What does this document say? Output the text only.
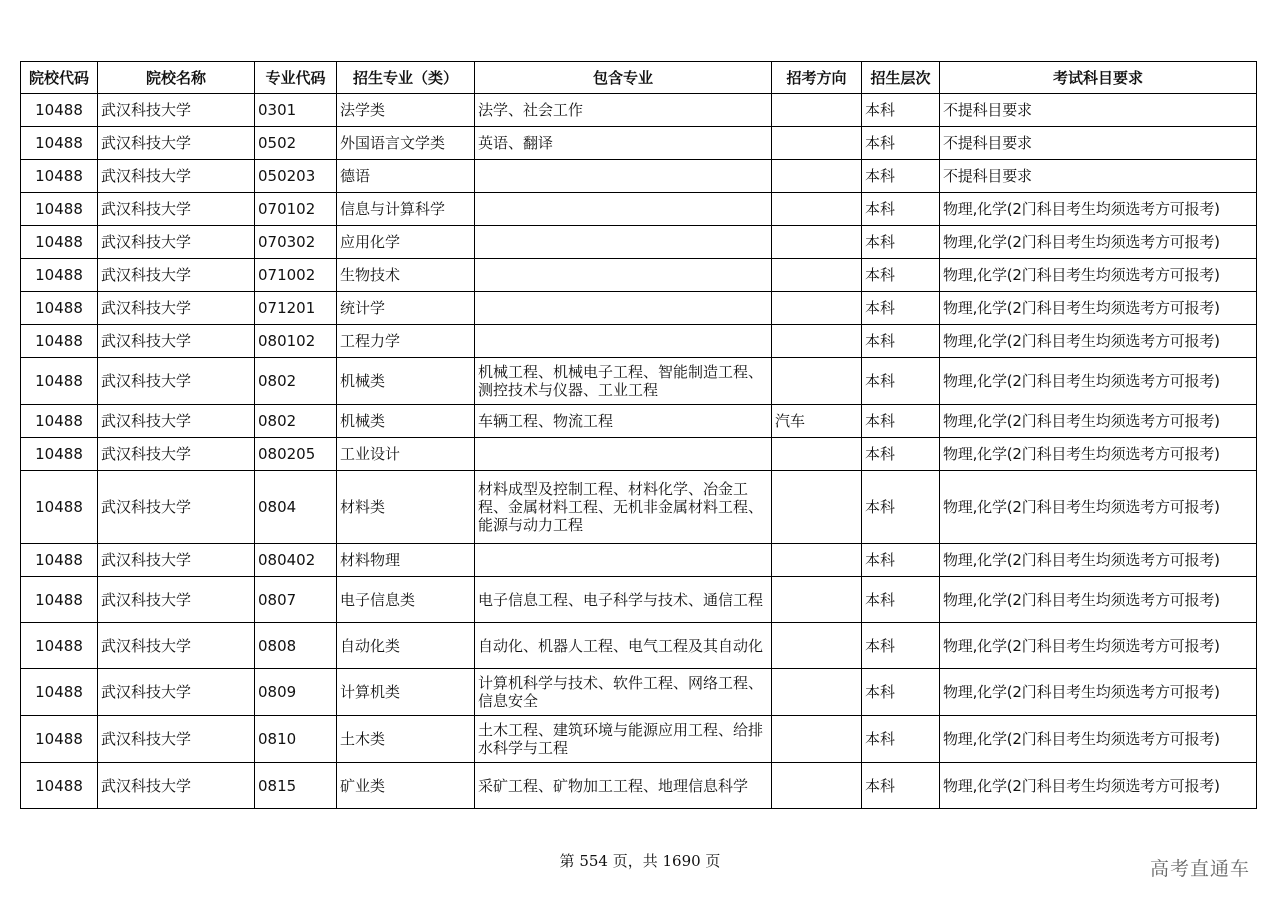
院校代码	院校名称	专业代码	招生专业（类）	包含专业	招考方向	招生层次	考试科目要求
10488	武汉科技大学	0301	法学类	法学、社会工作		本科	不提科目要求
10488	武汉科技大学	0502	外国语言文学类	英语、翻译		本科	不提科目要求
10488	武汉科技大学	050203	德语			本科	不提科目要求
10488	武汉科技大学	070102	信息与计算科学			本科	物理,化学(2门科目考生均须选考方可报考)
10488	武汉科技大学	070302	应用化学			本科	物理,化学(2门科目考生均须选考方可报考)
10488	武汉科技大学	071002	生物技术			本科	物理,化学(2门科目考生均须选考方可报考)
10488	武汉科技大学	071201	统计学			本科	物理,化学(2门科目考生均须选考方可报考)
10488	武汉科技大学	080102	工程力学			本科	物理,化学(2门科目考生均须选考方可报考)
10488	武汉科技大学	0802	机械类	机械工程、机械电子工程、智能制造工程、测控技术与仪器、工业工程		本科	物理,化学(2门科目考生均须选考方可报考)
10488	武汉科技大学	0802	机械类	车辆工程、物流工程	汽车	本科	物理,化学(2门科目考生均须选考方可报考)
10488	武汉科技大学	080205	工业设计			本科	物理,化学(2门科目考生均须选考方可报考)
10488	武汉科技大学	0804	材料类	材料成型及控制工程、材料化学、冶金工程、金属材料工程、无机非金属材料工程、能源与动力工程		本科	物理,化学(2门科目考生均须选考方可报考)
10488	武汉科技大学	080402	材料物理			本科	物理,化学(2门科目考生均须选考方可报考)
10488	武汉科技大学	0807	电子信息类	电子信息工程、电子科学与技术、通信工程		本科	物理,化学(2门科目考生均须选考方可报考)
10488	武汉科技大学	0808	自动化类	自动化、机器人工程、电气工程及其自动化		本科	物理,化学(2门科目考生均须选考方可报考)
10488	武汉科技大学	0809	计算机类	计算机科学与技术、软件工程、网络工程、信息安全		本科	物理,化学(2门科目考生均须选考方可报考)
10488	武汉科技大学	0810	土木类	土木工程、建筑环境与能源应用工程、给排水科学与工程		本科	物理,化学(2门科目考生均须选考方可报考)
10488	武汉科技大学	0815	矿业类	采矿工程、矿物加工工程、地理信息科学		本科	物理,化学(2门科目考生均须选考方可报考)
第 554 页，共 1690 页	高考直通车
